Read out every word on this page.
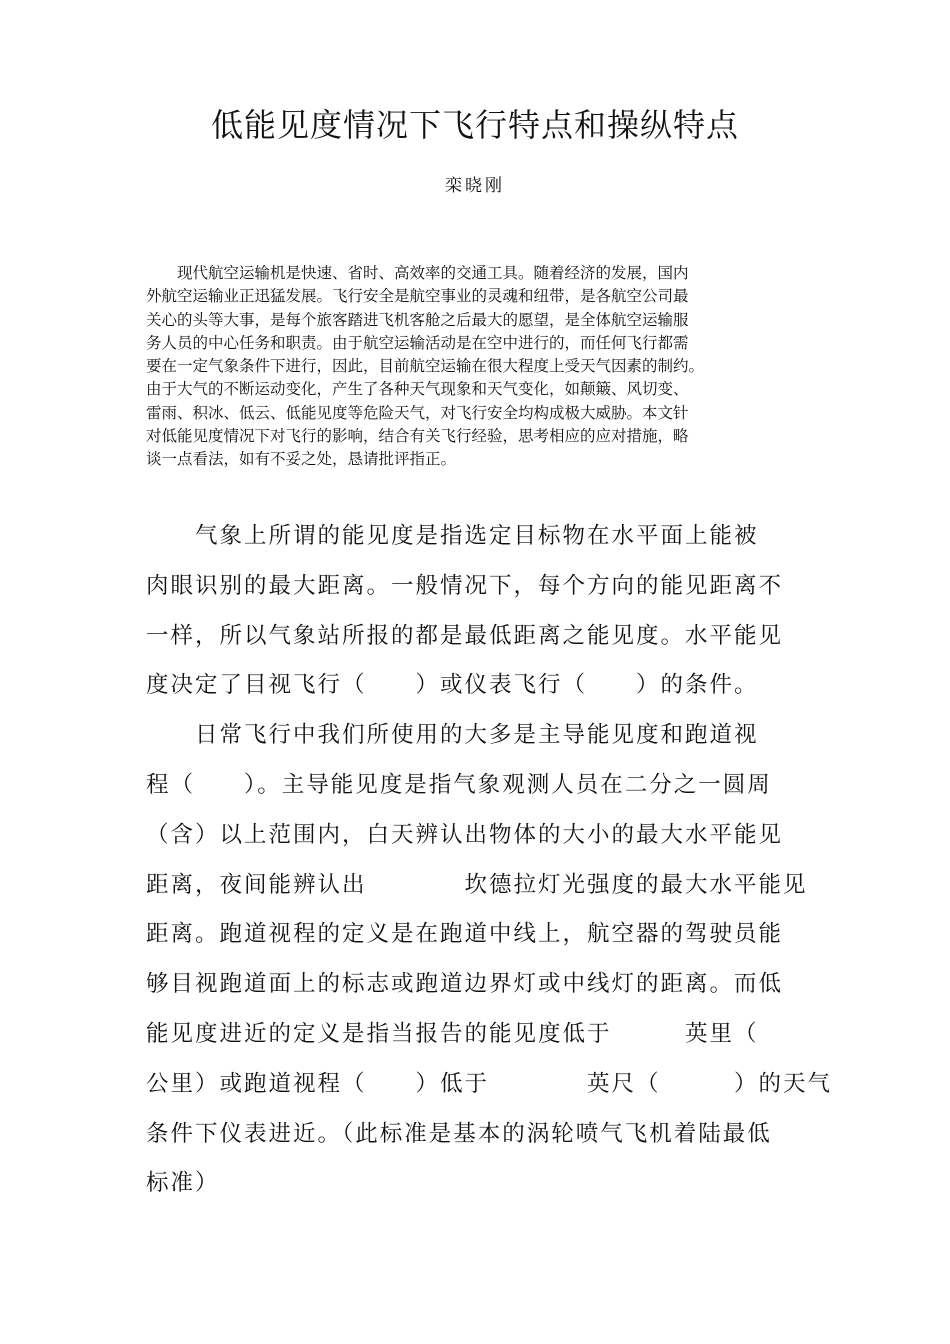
低能见度情况下飞行特点和操纵特点
栾晓刚
　　现代航空运输机是快速、省时、高效率的交通工具。随着经济的发展，国内
外航空运输业正迅猛发展。飞行安全是航空事业的灵魂和纽带，是各航空公司最
关心的头等大事，是每个旅客踏进飞机客舱之后最大的愿望，是全体航空运输服
务人员的中心任务和职责。由于航空运输活动是在空中进行的，而任何飞行都需
要在一定气象条件下进行，因此，目前航空运输在很大程度上受天气因素的制约。
由于大气的不断运动变化，产生了各种天气现象和天气变化，如颠簸、风切变、
雷雨、积冰、低云、低能见度等危险天气，对飞行安全均构成极大威胁。本文针
对低能见度情况下对飞行的影响，结合有关飞行经验，思考相应的应对措施，略
谈一点看法，如有不妥之处，恳请批评指正。
　　气象上所谓的能见度是指选定目标物在水平面上能被
肉眼识别的最大距离。一般情况下，每个方向的能见距离不
一样，所以气象站所报的都是最低距离之能见度。水平能见
度决定了目视飞行（　　）或仪表飞行（　　）的条件。
　　日常飞行中我们所使用的大多是主导能见度和跑道视
程（　　）。主导能见度是指气象观测人员在二分之一圆周
（含）以上范围内，白天辨认出物体的大小的最大水平能见
距离，夜间能辨认出　　　　坎德拉灯光强度的最大水平能见
距离。跑道视程的定义是在跑道中线上，航空器的驾驶员能
够目视跑道面上的标志或跑道边界灯或中线灯的距离。而低
能见度进近的定义是指当报告的能见度低于　　　英里（
公里）或跑道视程（　　）低于　　　　英尺（　　　）的天气
条件下仪表进近。（此标准是基本的涡轮喷气飞机着陆最低
标准）
